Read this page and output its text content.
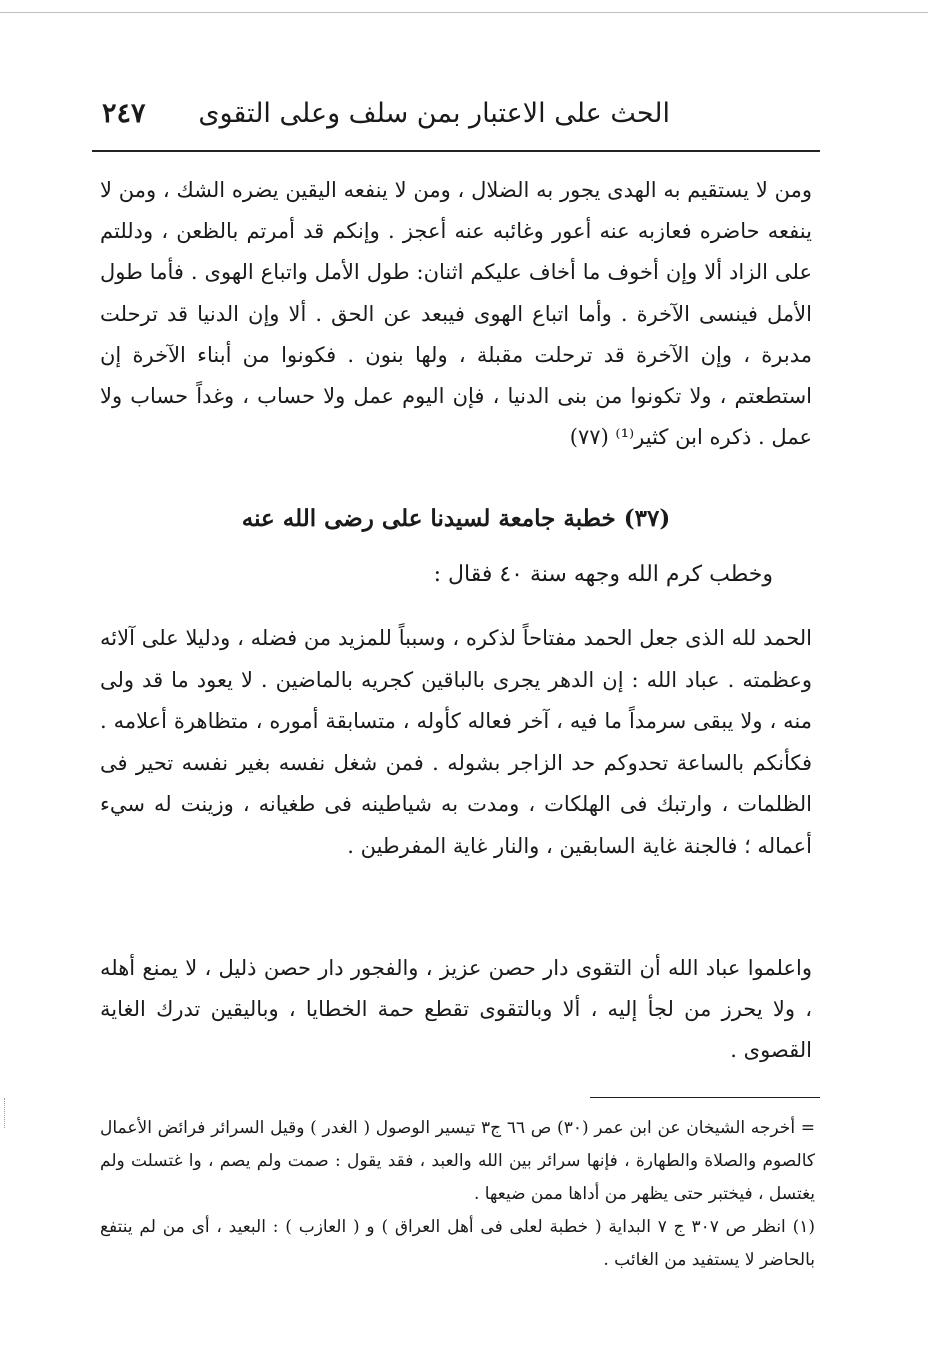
الحث على الاعتبار بمن سلف وعلى التقوى
٢٤٧

ومن لا يستقيم به الهدى يجور به الضلال ، ومن لا ينفعه اليقين يضره الشك ، ومن لا ينفعه حاضره فعازبه عنه أعور وغائبه عنه أعجز . وإنكم قد أمرتم بالظعن ، ودللتم على الزاد ألا وإن أخوف ما أخاف عليكم اثنان: طول الأمل واتباع الهوى . فأما طول الأمل فينسى الآخرة . وأما اتباع الهوى فيبعد عن الحق . ألا وإن الدنيا قد ترحلت مدبرة ، وإن الآخرة قد ترحلت مقبلة ، ولها بنون . فكونوا من أبناء الآخرة إن استطعتم ، ولا تكونوا من بنى الدنيا ، فإن اليوم عمل ولا حساب ، وغداً حساب ولا عمل . ذكره ابن كثير⁽¹⁾ (٧٧)

(٣٧) خطبة جامعة لسيدنا على رضى الله عنه
وخطب كرم الله وجهه سنة ٤٠ فقال :

الحمد لله الذى جعل الحمد مفتاحاً لذكره ، وسبباً للمزيد من فضله ، ودليلا على آلائه وعظمته . عباد الله : إن الدهر يجرى بالباقين كجريه بالماضين . لا يعود ما قد ولى منه ، ولا يبقى سرمداً ما فيه ، آخر فعاله كأوله ، متسابقة أموره ، متظاهرة أعلامه . فكأنكم بالساعة تحدوكم حد الزاجر بشوله . فمن شغل نفسه بغير نفسه تحير فى الظلمات ، وارتبك فى الهلكات ، ومدت به شياطينه فى طغيانه ، وزينت له سيء أعماله ؛ فالجنة غاية السابقين ، والنار غاية المفرطين .

واعلموا عباد الله أن التقوى دار حصن عزيز ، والفجور دار حصن ذليل ، لا يمنع أهله ، ولا يحرز من لجأ إليه ، ألا وبالتقوى تقطع حمة الخطايا ، وباليقين تدرك الغاية القصوى .

= أخرجه الشيخان عن ابن عمر (٣٠) ص ٦٦ ج٣ تيسير الوصول ( الغدر ) وقيل السرائر فرائض الأعمال كالصوم والصلاة والطهارة ، فإنها سرائر بين الله والعبد ، فقد يقول : صمت ولم يصم ، وا غتسلت ولم يغتسل ، فيختبر حتى يظهر من أداها ممن ضيعها .

(١) انظر ص ٣٠٧ ج ٧ البداية ( خطبة لعلى فى أهل العراق ) و ( العازب ) : البعيد ، أى من لم ينتفع بالحاضر لا يستفيد من الغائب .
